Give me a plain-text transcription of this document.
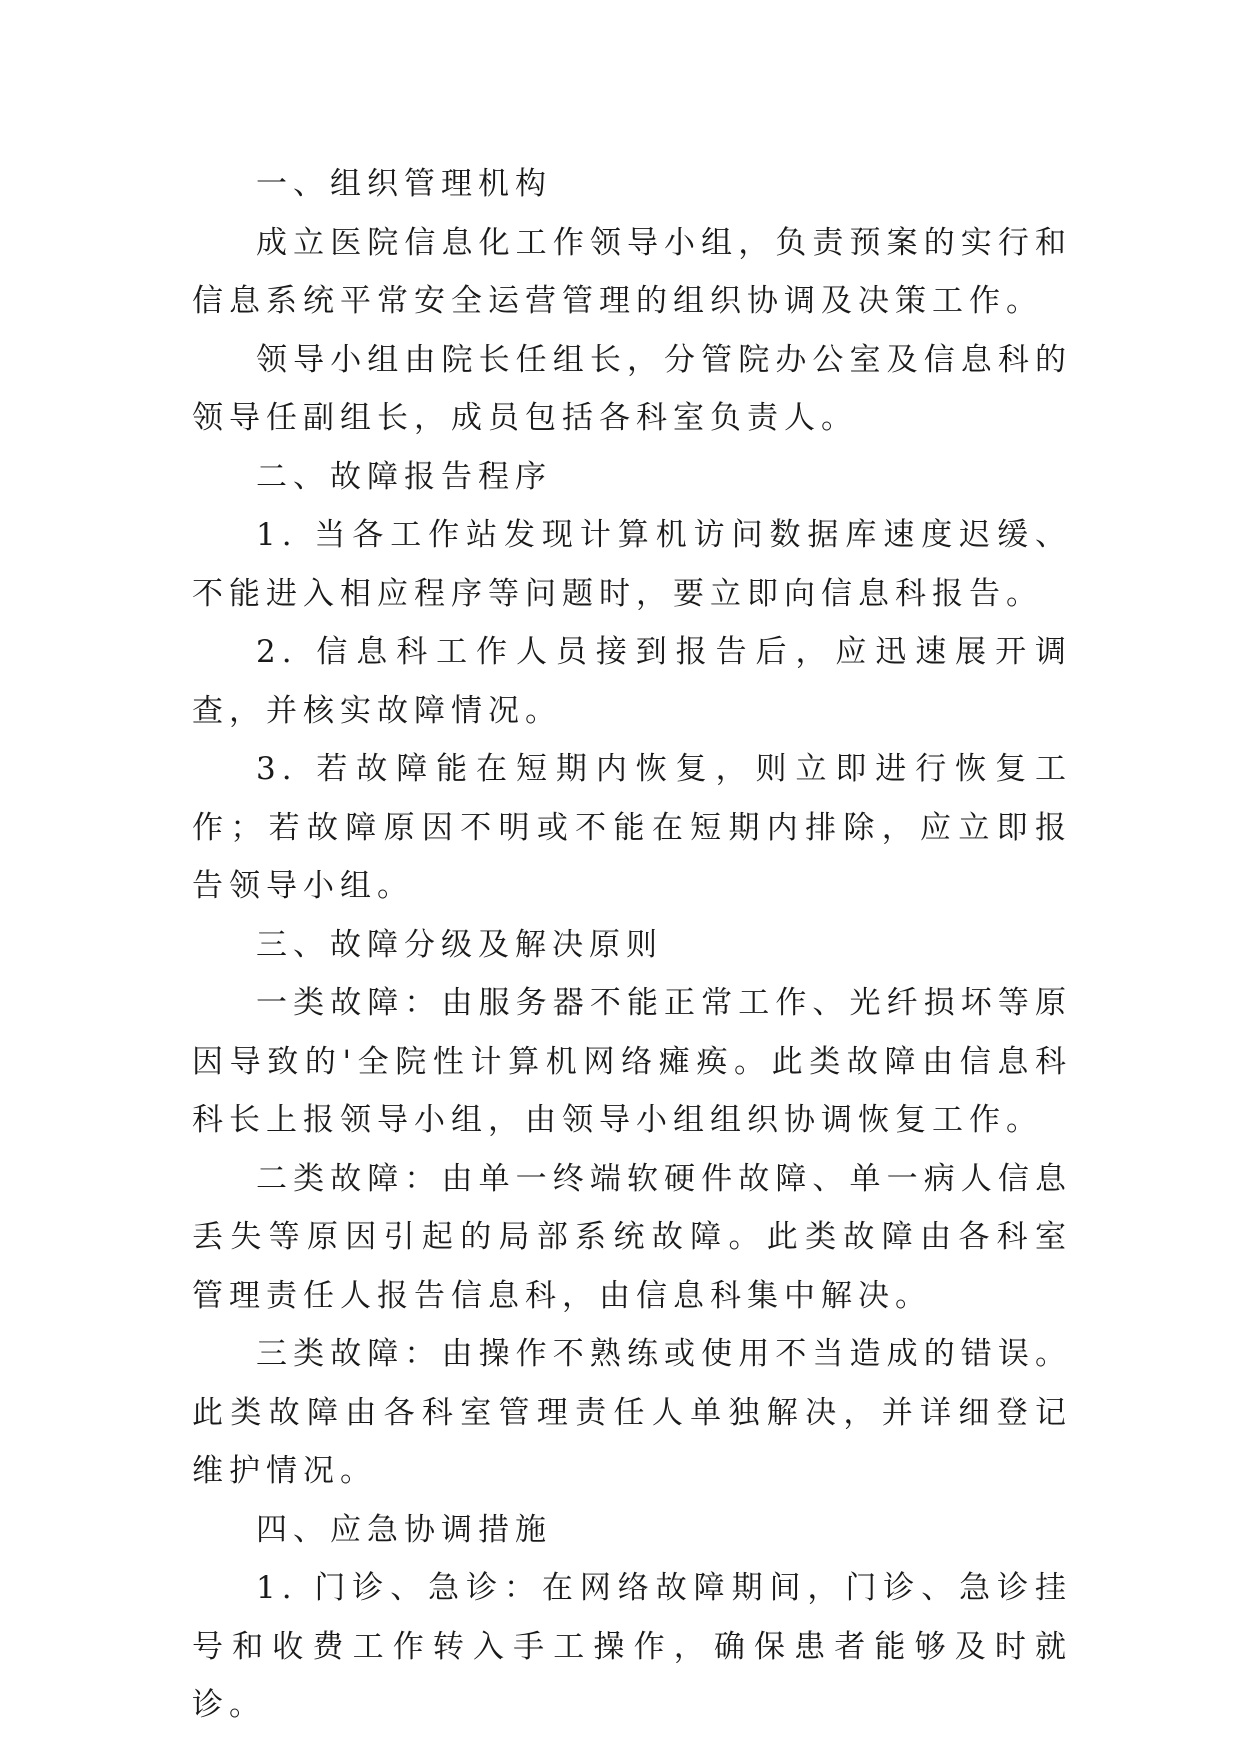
一、组织管理机构

成立医院信息化工作领导小组，负责预案的实行和信息系统平常安全运营管理的组织协调及决策工作。

领导小组由院长任组长，分管院办公室及信息科的领导任副组长，成员包括各科室负责人。

二、故障报告程序

1. 当各工作站发现计算机访问数据库速度迟缓、不能进入相应程序等问题时，要立即向信息科报告。

2. 信息科工作人员接到报告后，应迅速展开调查，并核实故障情况。

3. 若故障能在短期内恢复，则立即进行恢复工作；若故障原因不明或不能在短期内排除，应立即报告领导小组。

三、故障分级及解决原则

一类故障：由服务器不能正常工作、光纤损坏等原因导致的'全院性计算机网络瘫痪。此类故障由信息科科长上报领导小组，由领导小组组织协调恢复工作。

二类故障：由单一终端软硬件故障、单一病人信息丢失等原因引起的局部系统故障。此类故障由各科室管理责任人报告信息科，由信息科集中解决。

三类故障：由操作不熟练或使用不当造成的错误。此类故障由各科室管理责任人单独解决，并详细登记维护情况。

四、应急协调措施

1. 门诊、急诊：在网络故障期间，门诊、急诊挂号和收费工作转入手工操作，确保患者能够及时就诊。
